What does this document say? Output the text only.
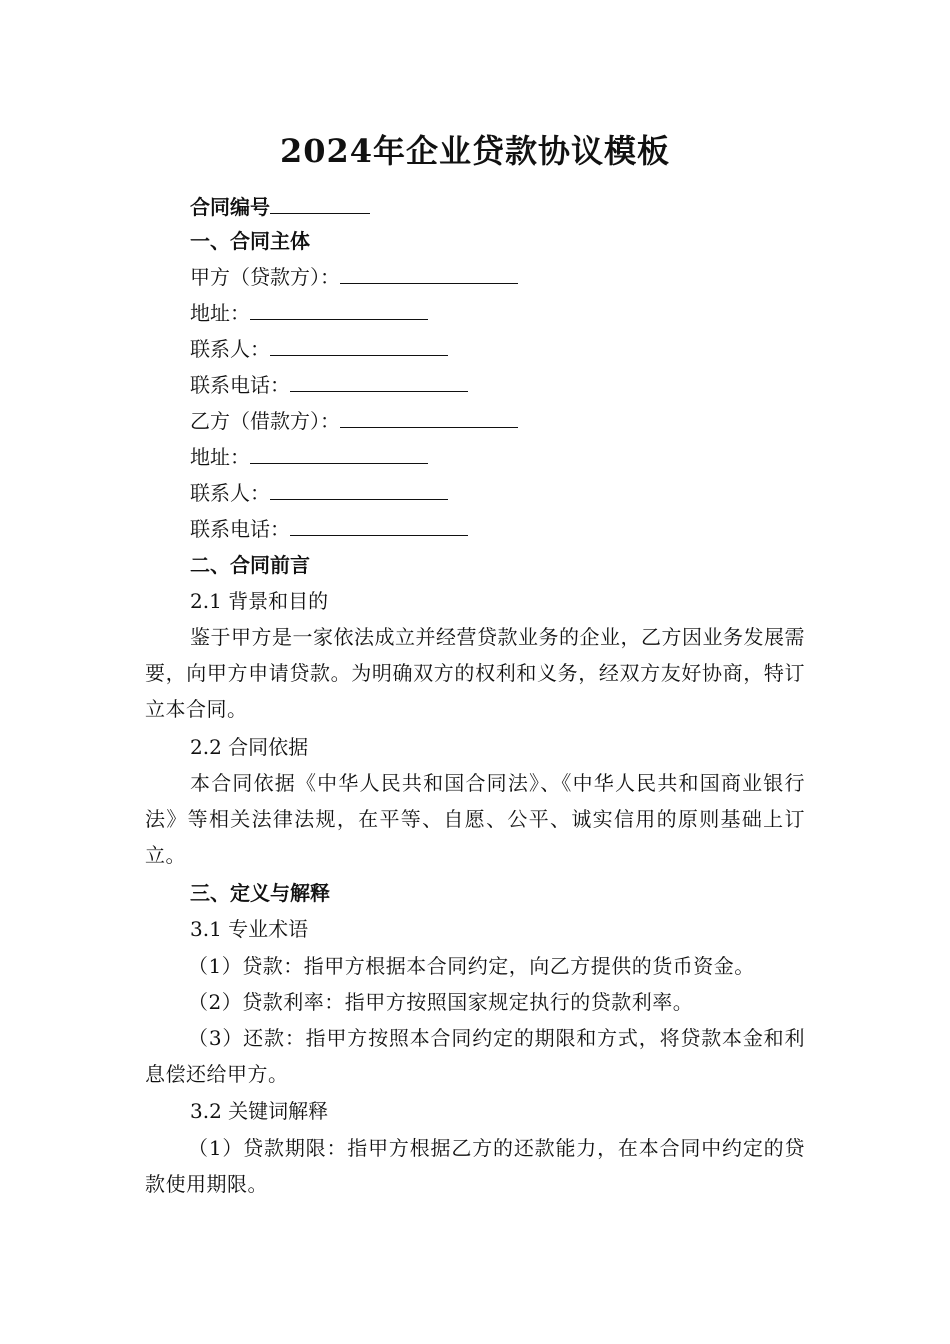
2024年企业贷款协议模板
合同编号
一、合同主体
甲方（贷款方）：
地址：
联系人：
联系电话：
乙方（借款方）：
地址：
联系人：
联系电话：
二、合同前言
2.1 背景和目的
鉴于甲方是一家依法成立并经营贷款业务的企业，乙方因业务发展需要，向甲方申请贷款。为明确双方的权利和义务，经双方友好协商，特订立本合同。
2.2 合同依据
本合同依据《中华人民共和国合同法》、《中华人民共和国商业银行法》等相关法律法规，在平等、自愿、公平、诚实信用的原则基础上订立。
三、定义与解释
3.1 专业术语
（1）贷款：指甲方根据本合同约定，向乙方提供的货币资金。
（2）贷款利率：指甲方按照国家规定执行的贷款利率。
（3）还款：指甲方按照本合同约定的期限和方式，将贷款本金和利息偿还给甲方。
3.2 关键词解释
（1）贷款期限：指甲方根据乙方的还款能力，在本合同中约定的贷款使用期限。
